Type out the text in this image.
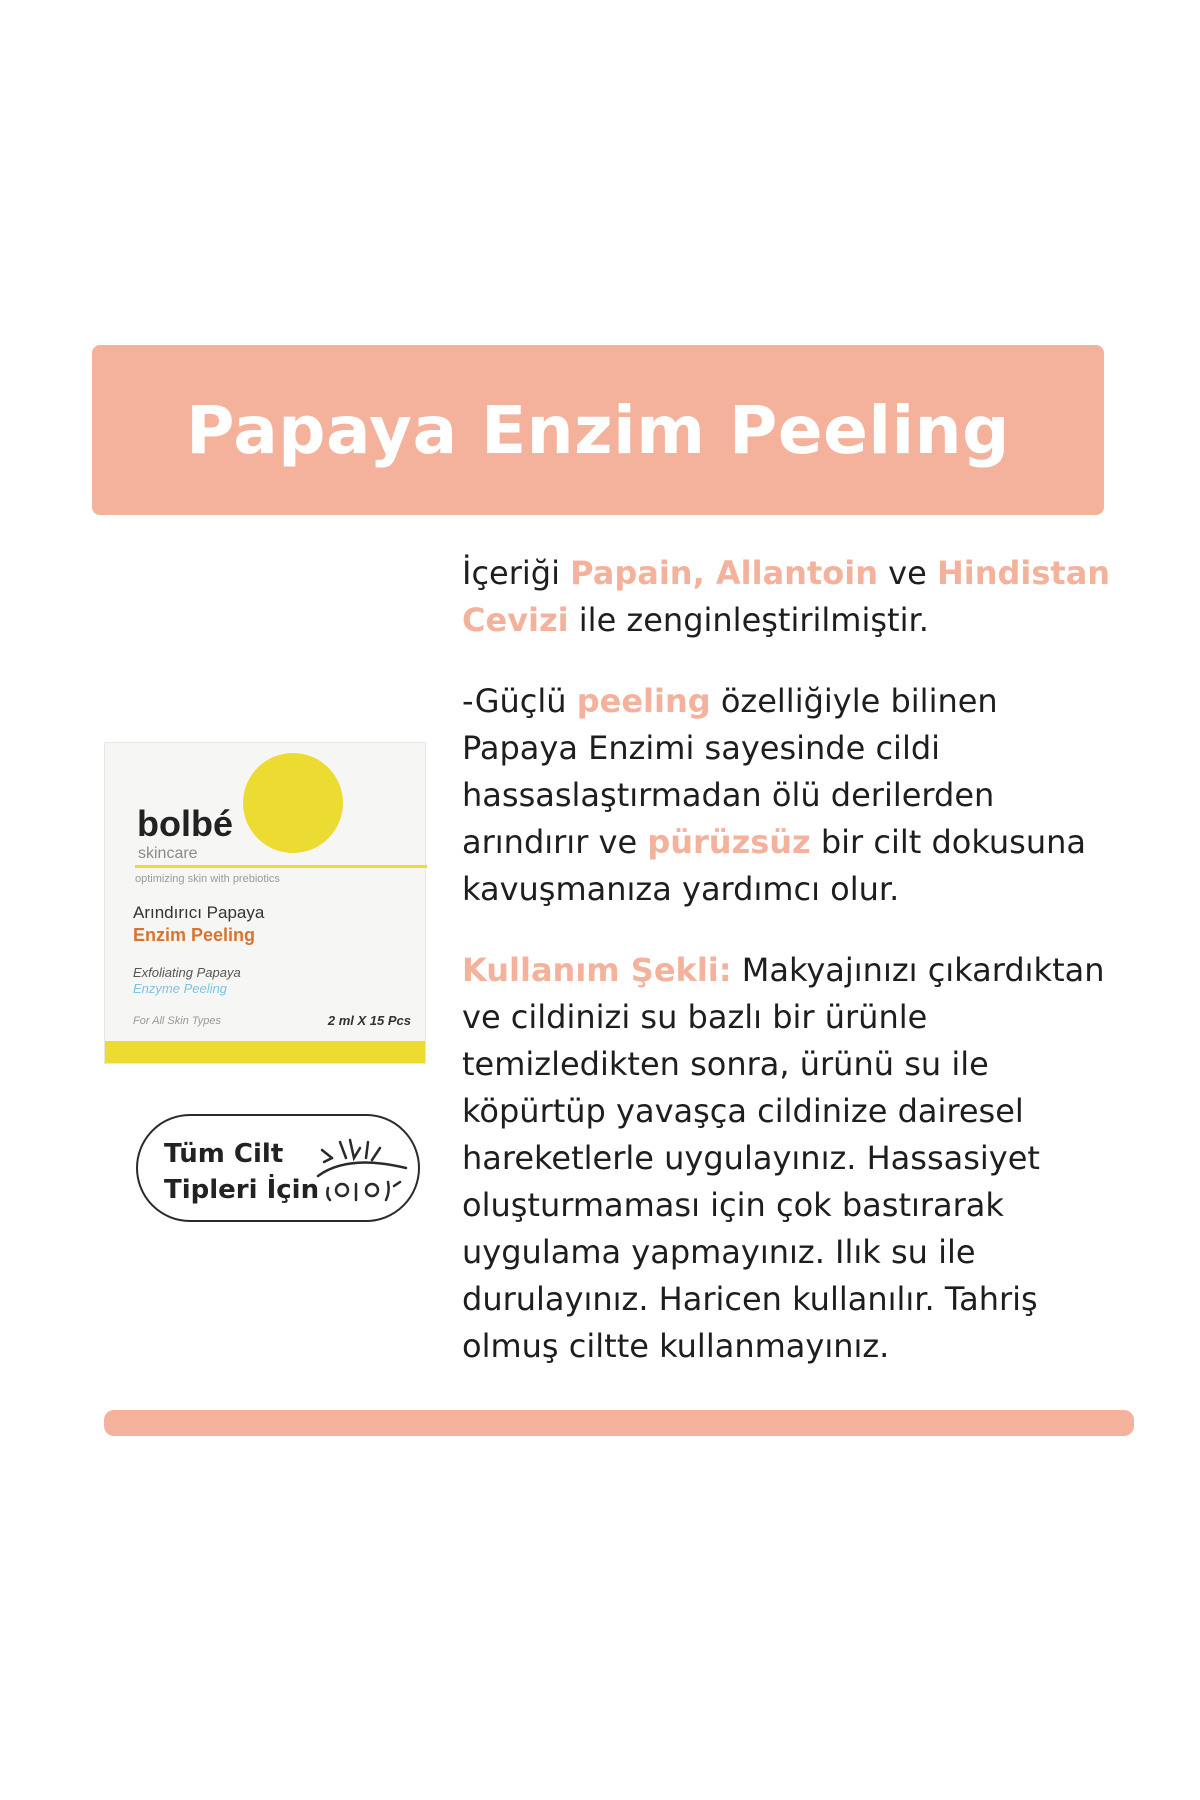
Papaya Enzim Peeling
bolbé
skincare
optimizing skin with prebiotics
Arındırıcı Papaya
Enzim Peeling
Exfoliating Papaya
Enzyme Peeling
For All Skin Types	2 ml X 15 Pcs
Tüm Cilt
Tipleri İçin

İçeriği Papain, Allantoin ve Hindistan Cevizi ile zenginleştirilmiştir.

-Güçlü peeling özelliğiyle bilinen Papaya Enzimi sayesinde cildi hassaslaştırmadan ölü derilerden arındırır ve pürüzsüz bir cilt dokusuna kavuşmanıza yardımcı olur.

Kullanım Şekli: Makyajınızı çıkardıktan ve cildinizi su bazlı bir ürünle temizledikten sonra, ürünü su ile köpürtüp yavaşça cildinize dairesel hareketlerle uygulayınız. Hassasiyet oluşturmaması için çok bastırarak uygulama yapmayınız. Ilık su ile durulayınız. Haricen kullanılır. Tahriş olmuş ciltte kullanmayınız.
